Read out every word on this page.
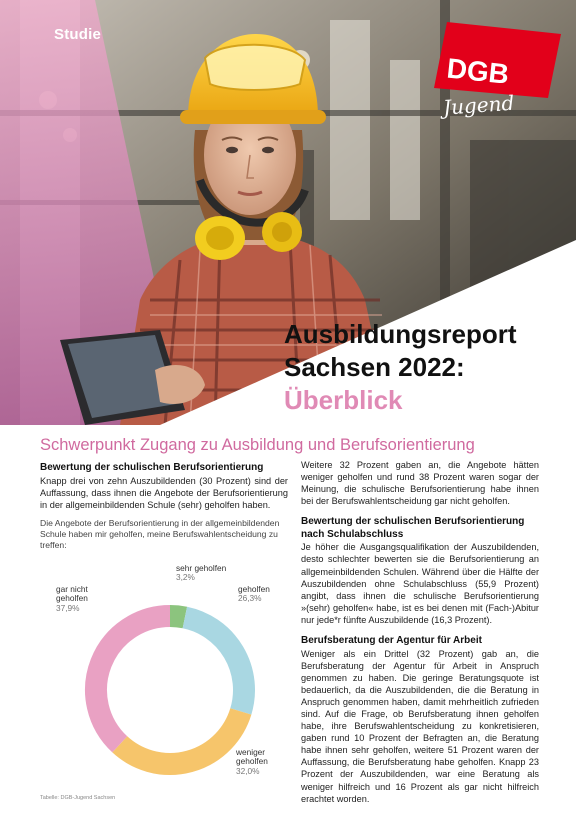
Studie
DGB
Jugend
Ausbildungsreport
Sachsen 2022:
Überblick
Schwerpunkt Zugang zu Ausbildung und Berufsorientierung
Bewertung der schulischen Berufsorientierung
Knapp drei von zehn Auszubildenden (30 Prozent) sind der Auffassung, dass ihnen die Angebote der Berufsorientierung in der allgemeinbildenden Schule (sehr) geholfen haben.
Die Angebote der Berufsorientierung in der allgemeinbildenden Schule haben mir geholfen, meine Berufswahlentscheidung zu treffen:
Weitere 32 Prozent gaben an, die Angebote hätten weniger geholfen und rund 38 Prozent waren sogar der Meinung, die schulische Berufsorientierung habe ihnen bei der Berufswahlentscheidung gar nicht geholfen.
Bewertung der schulischen Berufsorientierung nach Schulabschluss
Je höher die Ausgangsqualifikation der Auszubildenden, desto schlechter bewerten sie die Berufsorientierung an allgemeinbildenden Schulen. Während über die Hälfte der Auszubildenden ohne Schulabschluss (55,9 Prozent) angibt, dass ihnen die schulische Berufsorientierung »(sehr) geholfen« habe, ist es bei denen mit (Fach-)Abitur nur jede*r fünfte Auszubildende (16,3 Prozent).
Berufsberatung der Agentur für Arbeit
Weniger als ein Drittel (32 Prozent) gab an, die Berufsberatung der Agentur für Arbeit in Anspruch genommen zu haben. Die geringe Beratungsquote ist bedauerlich, da die Auszubildenden, die die Beratung in Anspruch genommen haben, damit mehrheitlich zufrieden sind. Auf die Frage, ob Berufsberatung ihnen geholfen habe, ihre Berufswahlentscheidung zu konkretisieren, gaben rund 10 Prozent der Befragten an, die Beratung habe ihnen sehr geholfen, weitere 51 Prozent waren der Auffassung, die Berufsberatung habe geholfen. Knapp 23 Prozent der Auszubildenden, war eine Beratung als weniger hilfreich und 16 Prozent als gar nicht hilfreich erachtet worden.
sehr geholfen
3,2%
geholfen
26,3%
weniger geholfen
32,0%
gar nicht geholfen
37,9%
Tabelle: DGB-Jugend Sachsen
